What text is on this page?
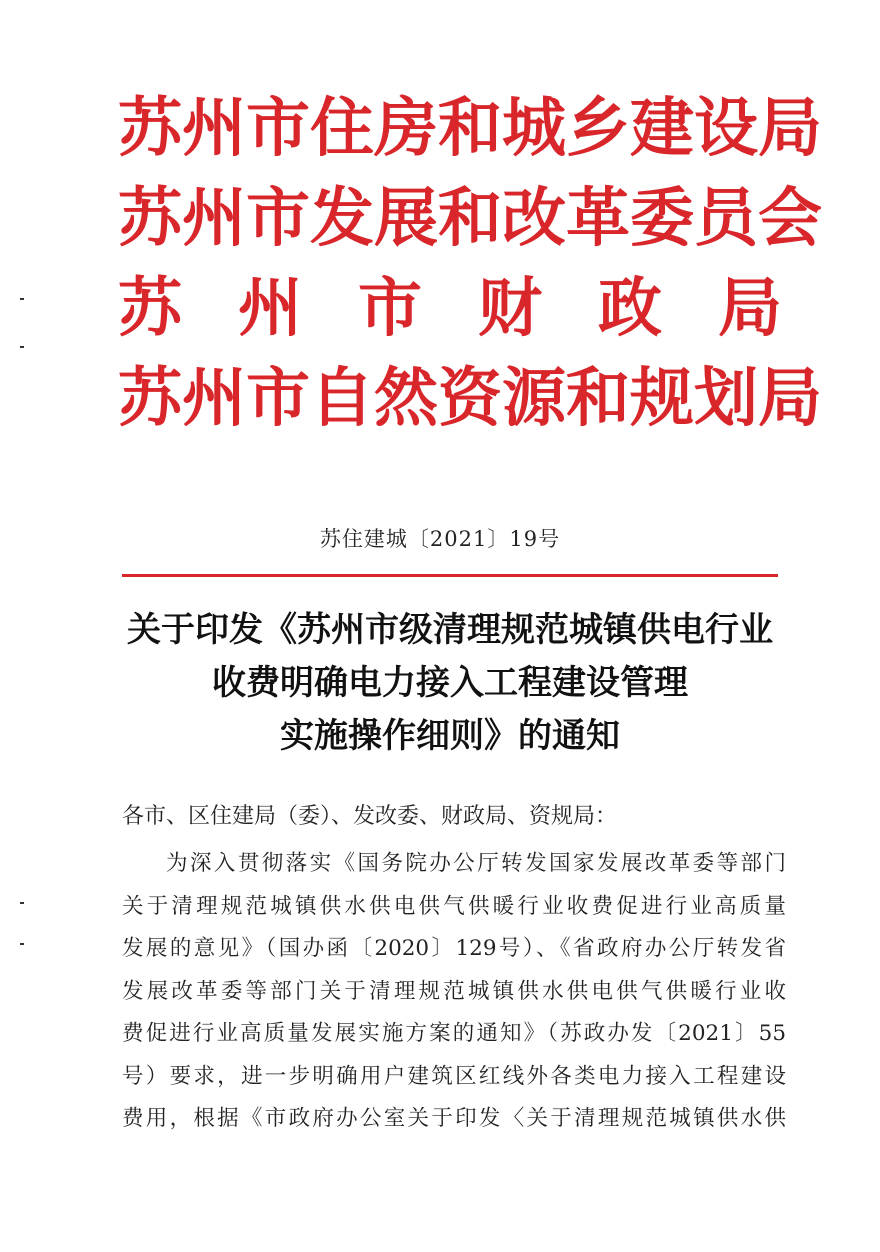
苏 州 市 住 房 和 城 乡 建 设 局
苏 州 市 发 展 和 改 革 委 员 会
苏 州 市 财 政 局
苏 州 市 自 然 资 源 和 规 划 局
苏住建城〔2021〕19号
关于印发《苏州市级清理规范城镇供电行业
收费明确电力接入工程建设管理
实施操作细则》的通知
各市、区住建局（委）、发改委、财政局、资规局：
为深入贯彻落实《国务院办公厅转发国家发展改革委等部门
关于清理规范城镇供水供电供气供暖行业收费促进行业高质量
发展的意见》（国办函〔2020〕129号）、《省政府办公厅转发省
发展改革委等部门关于清理规范城镇供水供电供气供暖行业收
费促进行业高质量发展实施方案的通知》（苏政办发〔2021〕55
号）要求，进一步明确用户建筑区红线外各类电力接入工程建设
费用，根据《市政府办公室关于印发〈关于清理规范城镇供水供
